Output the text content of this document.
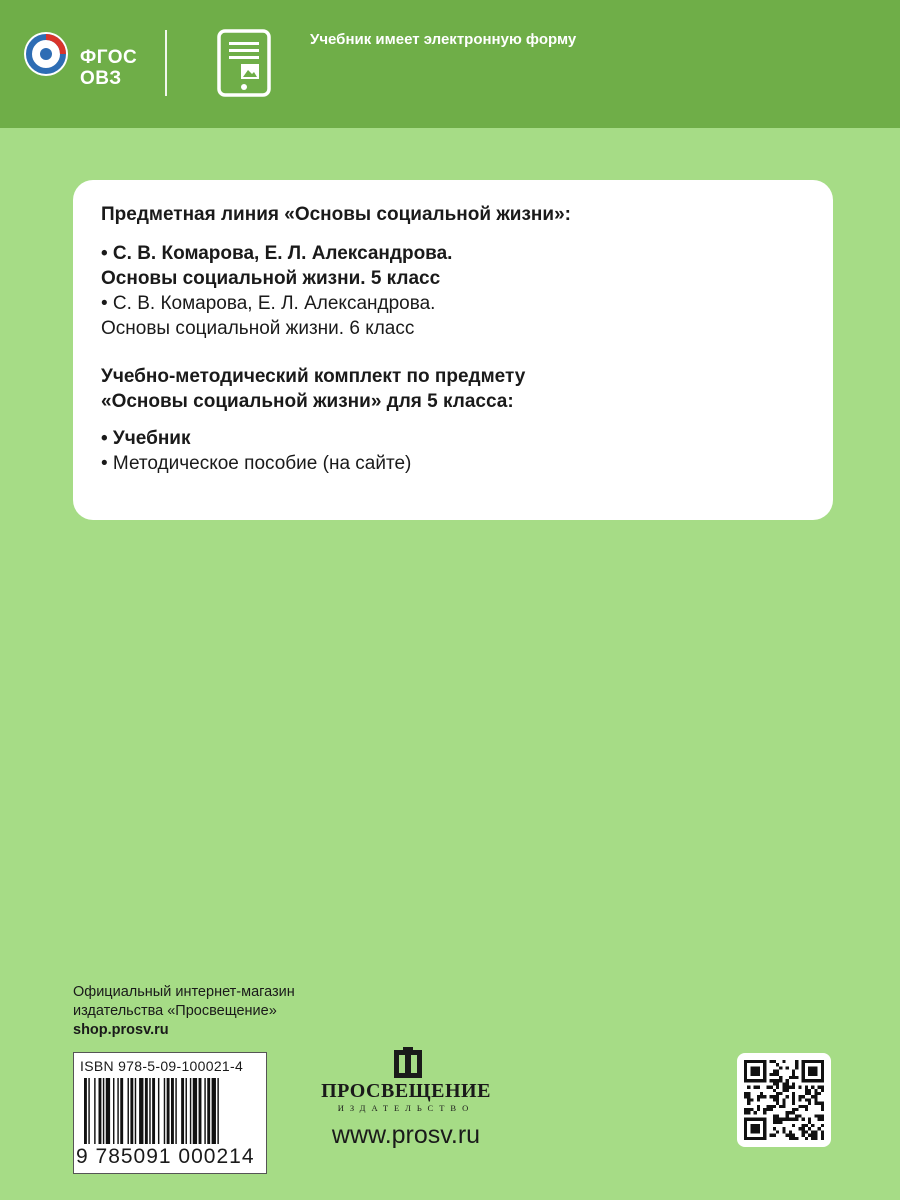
ФГОС
ОВЗ
Учебник имеет электронную форму
Предметная линия «Основы социальной жизни»:
• С. В. Комарова, Е. Л. Александрова.
Основы социальной жизни. 5 класс
• С. В. Комарова, Е. Л. Александрова.
Основы социальной жизни. 6 класс
Учебно-методический комплект по предмету
«Основы социальной жизни» для 5 класса:
• Учебник
• Методическое пособие (на сайте)
Официальный интернет-магазин
издательства «Просвещение»
shop.prosv.ru
ISBN 978-5-09-100021-4
9 785091 000214
ПРОСВЕЩЕНИЕ
ИЗДАТЕЛЬСТВО
www.prosv.ru
